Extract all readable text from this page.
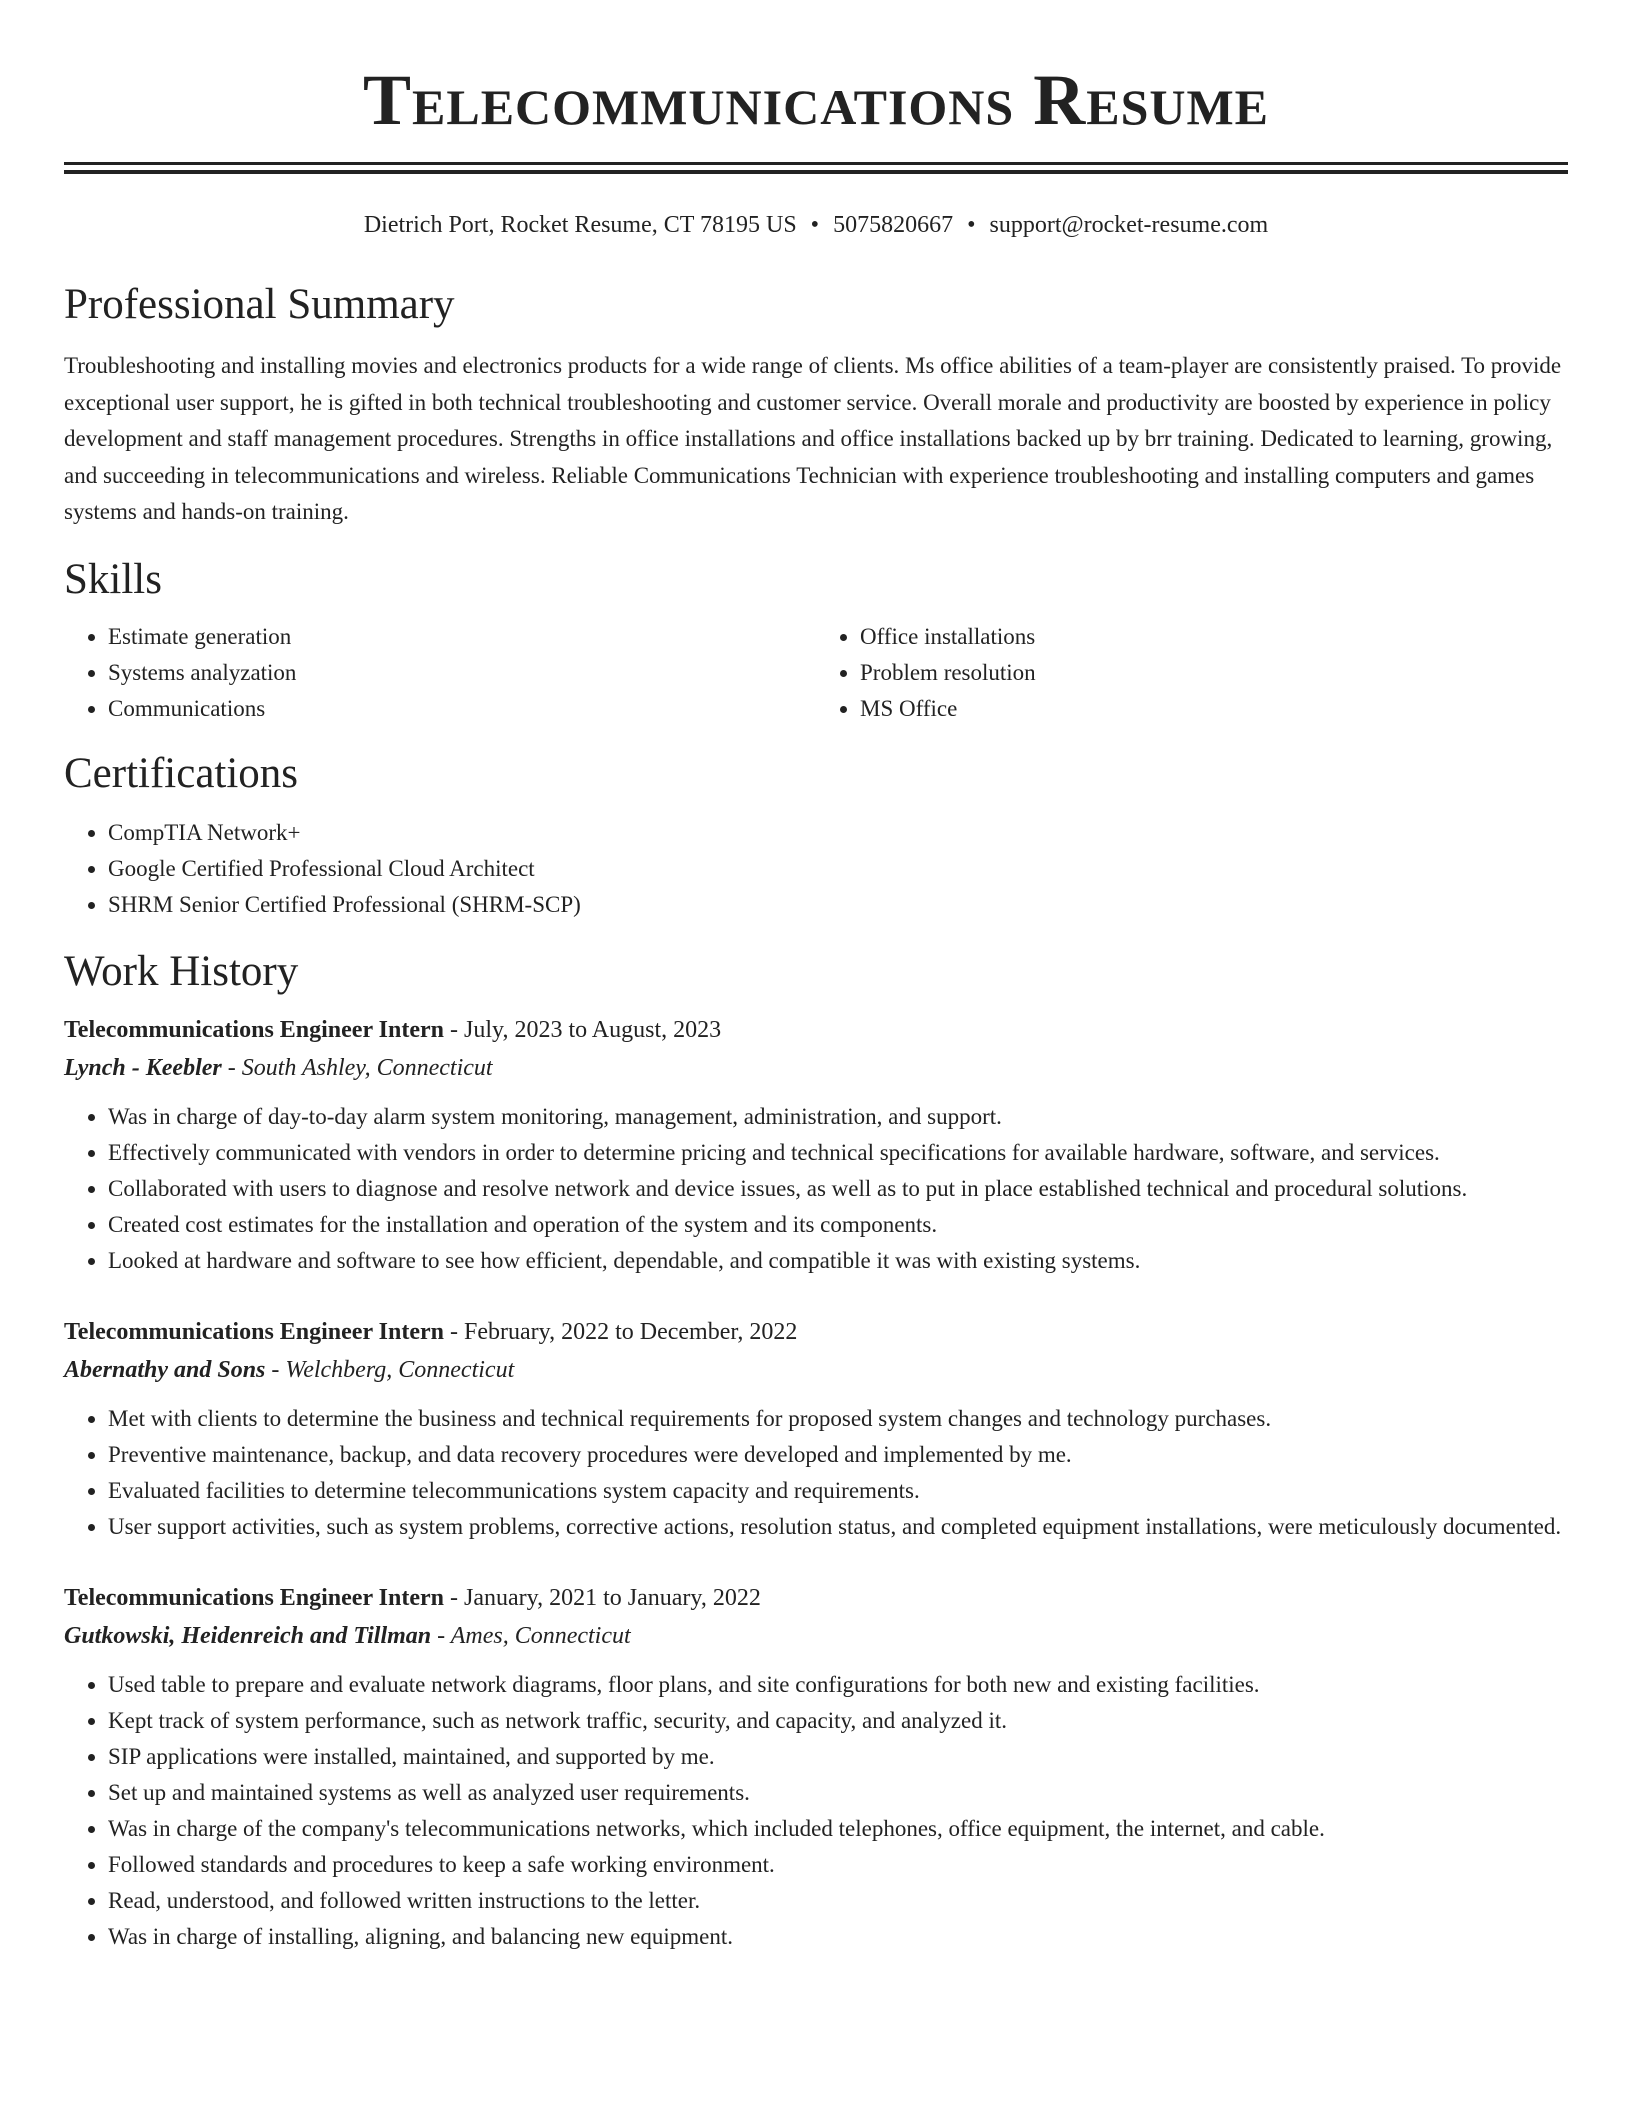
Telecommunications Resume
Dietrich Port, Rocket Resume, CT 78195 US • 5075820667 • support@rocket-resume.com
Professional Summary

Troubleshooting and installing movies and electronics products for a wide range of clients. Ms office abilities of a team-player are consistently praised. To provide exceptional user support, he is gifted in both technical troubleshooting and customer service. Overall morale and productivity are boosted by experience in policy development and staff management procedures. Strengths in office installations and office installations backed up by brr training. Dedicated to learning, growing, and succeeding in telecommunications and wireless. Reliable Communications Technician with experience troubleshooting and installing computers and games systems and hands-on training.

Skills
• Estimate generation
• Systems analyzation
• Communications
• Office installations
• Problem resolution
• MS Office
Certifications
• CompTIA Network+
• Google Certified Professional Cloud Architect
• SHRM Senior Certified Professional (SHRM-SCP)
Work History
Telecommunications Engineer Intern - July, 2023 to August, 2023
Lynch - Keebler - South Ashley, Connecticut
• Was in charge of day-to-day alarm system monitoring, management, administration, and support.
• Effectively communicated with vendors in order to determine pricing and technical specifications for available hardware, software, and services.
• Collaborated with users to diagnose and resolve network and device issues, as well as to put in place established technical and procedural solutions.
• Created cost estimates for the installation and operation of the system and its components.
• Looked at hardware and software to see how efficient, dependable, and compatible it was with existing systems.
Telecommunications Engineer Intern - February, 2022 to December, 2022
Abernathy and Sons - Welchberg, Connecticut
• Met with clients to determine the business and technical requirements for proposed system changes and technology purchases.
• Preventive maintenance, backup, and data recovery procedures were developed and implemented by me.
• Evaluated facilities to determine telecommunications system capacity and requirements.
• User support activities, such as system problems, corrective actions, resolution status, and completed equipment installations, were meticulously documented.
Telecommunications Engineer Intern - January, 2021 to January, 2022
Gutkowski, Heidenreich and Tillman - Ames, Connecticut
• Used table to prepare and evaluate network diagrams, floor plans, and site configurations for both new and existing facilities.
• Kept track of system performance, such as network traffic, security, and capacity, and analyzed it.
• SIP applications were installed, maintained, and supported by me.
• Set up and maintained systems as well as analyzed user requirements.
• Was in charge of the company's telecommunications networks, which included telephones, office equipment, the internet, and cable.
• Followed standards and procedures to keep a safe working environment.
• Read, understood, and followed written instructions to the letter.
• Was in charge of installing, aligning, and balancing new equipment.
